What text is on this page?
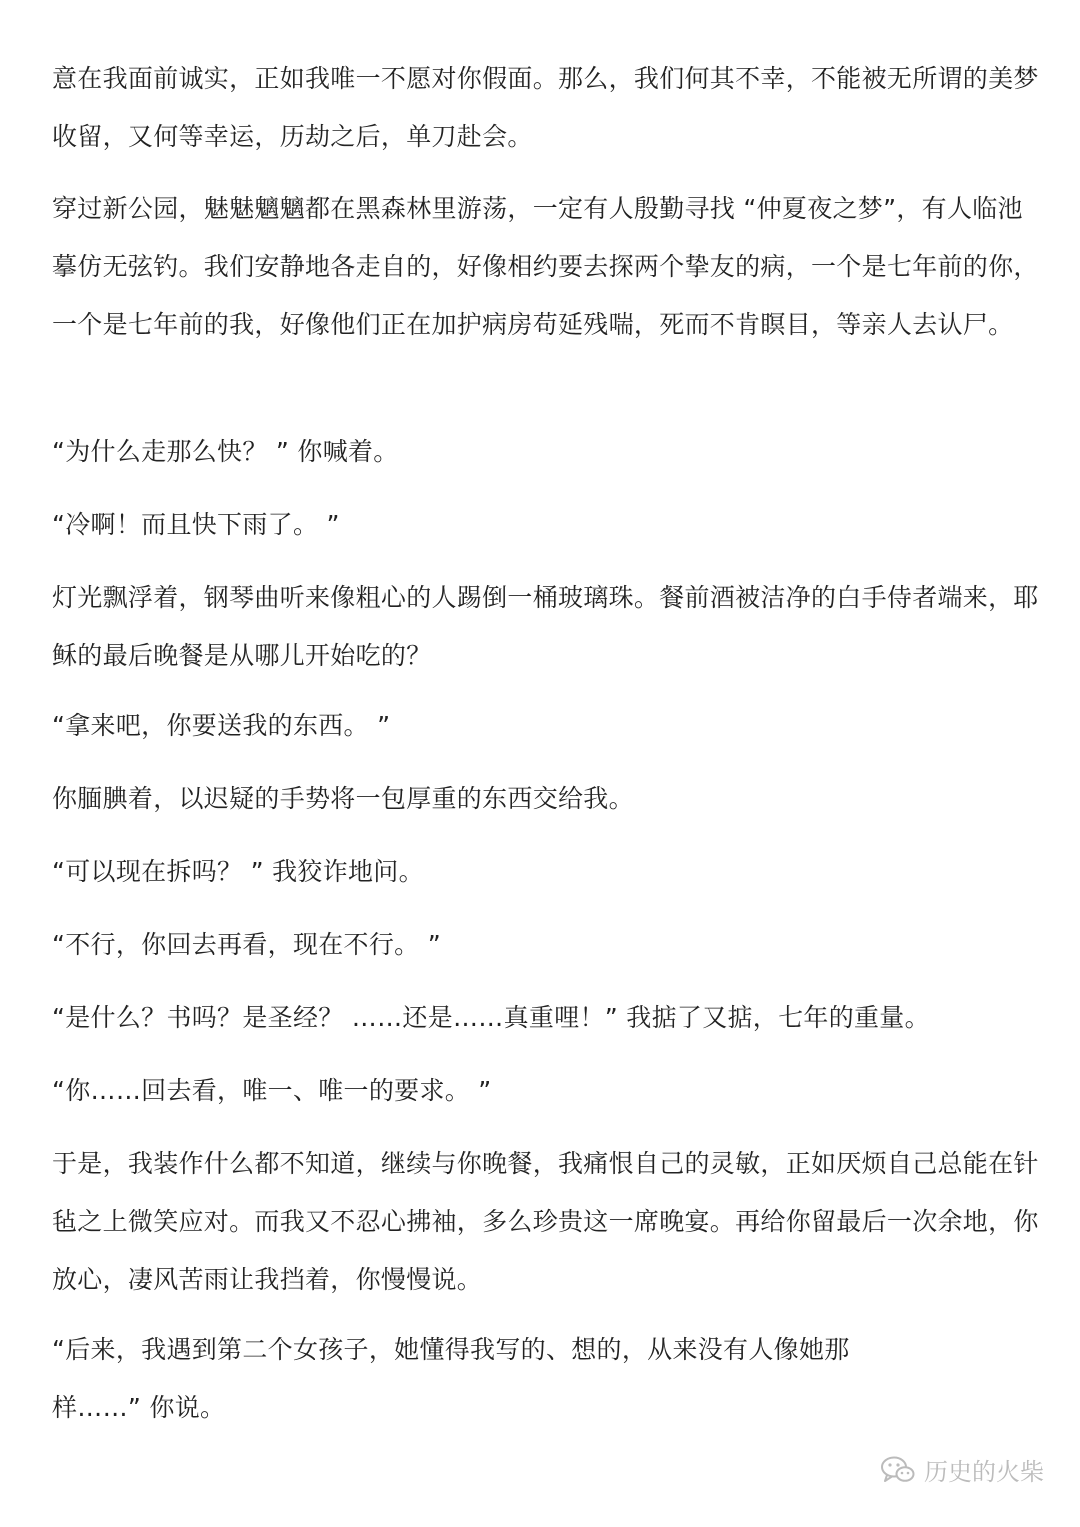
意在我面前诚实，正如我唯一不愿对你假面。那么，我们何其不幸，不能被无所谓的美梦收留，又何等幸运，历劫之后，单刀赴会。

穿过新公园，魅魅魑魑都在黑森林里游荡，一定有人殷勤寻找 “仲夏夜之梦”，有人临池摹仿无弦钓。我们安静地各走自的，好像相约要去探两个挚友的病，一个是七年前的你，一个是七年前的我，好像他们正在加护病房苟延残喘，死而不肯瞑目，等亲人去认尸。

“为什么走那么快？ ” 你喊着。

“冷啊！而且快下雨了。 ”

灯光飘浮着，钢琴曲听来像粗心的人踢倒一桶玻璃珠。餐前酒被洁净的白手侍者端来，耶稣的最后晚餐是从哪儿开始吃的？

“拿来吧，你要送我的东西。 ”

你腼腆着，以迟疑的手势将一包厚重的东西交给我。

“可以现在拆吗？ ” 我狡诈地问。

“不行，你回去再看，现在不行。 ”

“是什么？书吗？是圣经？ ……还是……真重哩！” 我掂了又掂，七年的重量。

“你……回去看，唯一、唯一的要求。 ”

于是，我装作什么都不知道，继续与你晚餐，我痛恨自己的灵敏，正如厌烦自己总能在针毡之上微笑应对。而我又不忍心拂袖，多么珍贵这一席晚宴。再给你留最后一次余地，你放心，凄风苦雨让我挡着，你慢慢说。

“后来，我遇到第二个女孩子，她懂得我写的、想的，从来没有人像她那样……” 你说。

历史的火柴
